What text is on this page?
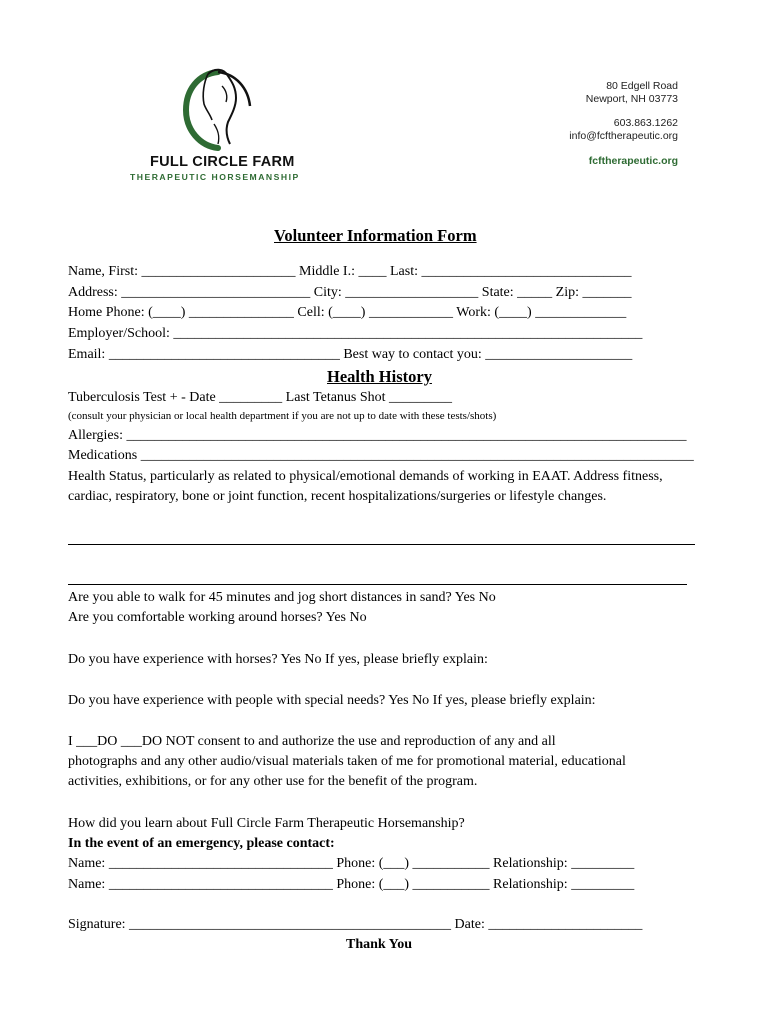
FULL CIRCLE FARM
THERAPEUTIC HORSEMANSHIP
80 Edgell Road
Newport, NH 03773
603.863.1262
info@fcftherapeutic.org
fcftherapeutic.org
Volunteer Information Form
Name, First: ______________________ Middle I.: ____ Last: ______________________________
Address: ___________________________ City: ___________________ State: _____ Zip: _______
Home Phone: (____) _______________ Cell: (____) ____________ Work: (____) _____________
Employer/School: ___________________________________________________________________
Email: _________________________________ Best way to contact you: _____________________
Health History
Tuberculosis Test + - Date _________ Last Tetanus Shot _________
(consult your physician or local health department if you are not up to date with these tests/shots)
Allergies: ________________________________________________________________________________
Medications _______________________________________________________________________________
Health Status, particularly as related to physical/emotional demands of working in EAAT. Address fitness,
cardiac, respiratory, bone or joint function, recent hospitalizations/surgeries or lifestyle changes.
Are you able to walk for 45 minutes and jog short distances in sand? Yes No
Are you comfortable working around horses? Yes No
Do you have experience with horses? Yes No If yes, please briefly explain:
Do you have experience with people with special needs? Yes No If yes, please briefly explain:
I ___DO ___DO NOT consent to and authorize the use and reproduction of any and all
photographs and any other audio/visual materials taken of me for promotional material, educational
activities, exhibitions, or for any other use for the benefit of the program.
How did you learn about Full Circle Farm Therapeutic Horsemanship?
In the event of an emergency, please contact:
Name: ________________________________ Phone: (___) ___________ Relationship: _________
Name: ________________________________ Phone: (___) ___________ Relationship: _________
Signature: ______________________________________________ Date: ______________________
Thank You
